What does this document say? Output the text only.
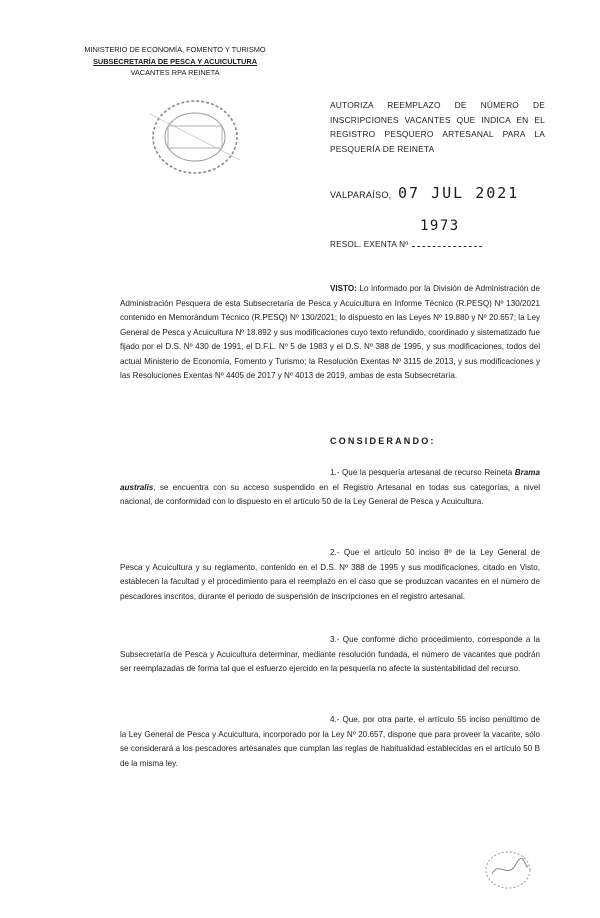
MINISTERIO DE ECONOMÍA, FOMENTO Y TURISMO
SUBSECRETARÍA DE PESCA Y ACUICULTURA
VACANTES RPA REINETA
AUTORIZA REEMPLAZO DE NÚMERO DE INSCRIPCIONES VACANTES QUE INDICA EN EL REGISTRO PESQUERO ARTESANAL PARA LA PESQUERÍA DE REINETA
VALPARAÍSO, 07 JUL 2021
RESOL. EXENTA Nº
1973
VISTO: Lo informado por la División de Administración de Administración Pesquera de esta Subsecretaría de Pesca y Acuicultura en Informe Técnico (R.PESQ) Nº 130/2021 contenido en Memorándum Técnico (R.PESQ) Nº 130/2021; lo dispuesto en las Leyes Nº 19.880 y Nº 20.657; la Ley General de Pesca y Acuicultura Nº 18.892 y sus modificaciones cuyo texto refundido, coordinado y sistematizado fue fijado por el D.S. Nº 430 de 1991, el D.F.L. Nº 5 de 1983 y el D.S. Nº 388 de 1995, y sus modificaciones, todos del actual Ministerio de Economía, Fomento y Turismo; la Resolución Exentas Nº 3115 de 2013, y sus modificaciones y las Resoluciones Exentas Nº 4405 de 2017 y Nº 4013 de 2019, ambas de esta Subsecretaría.
CONSIDERANDO:
1.- Que la pesquería artesanal de recurso Reineta Brama australis, se encuentra con su acceso suspendido en el Registro Artesanal en todas sus categorías, a nivel nacional, de conformidad con lo dispuesto en el artículo 50 de la Ley General de Pesca y Acuicultura.
2.- Que el artículo 50 inciso 8º de la Ley General de Pesca y Acuicultura y su reglamento, contenido en el D.S. Nº 388 de 1995 y sus modificaciones, citado en Visto, establecen la facultad y el procedimiento para el reemplazo en el caso que se produzcan vacantes en el número de pescadores inscritos, durante el periodo de suspensión de inscripciones en el registro artesanal.
3.- Que conforme dicho procedimiento, corresponde a la Subsecretaría de Pesca y Acuicultura determinar, mediante resolución fundada, el número de vacantes que podrán ser reemplazadas de forma tal que el esfuerzo ejercido en la pesquería no afecte la sustentabilidad del recurso.
4.- Que, por otra parte, el artículo 55 inciso penúltimo de la Ley General de Pesca y Acuicultura, incorporado por la Ley Nº 20.657, dispone que para proveer la vacante, sólo se considerará a los pescadores artesanales que cumplan las reglas de habitualidad establecidas en el artículo 50 B de la misma ley.
